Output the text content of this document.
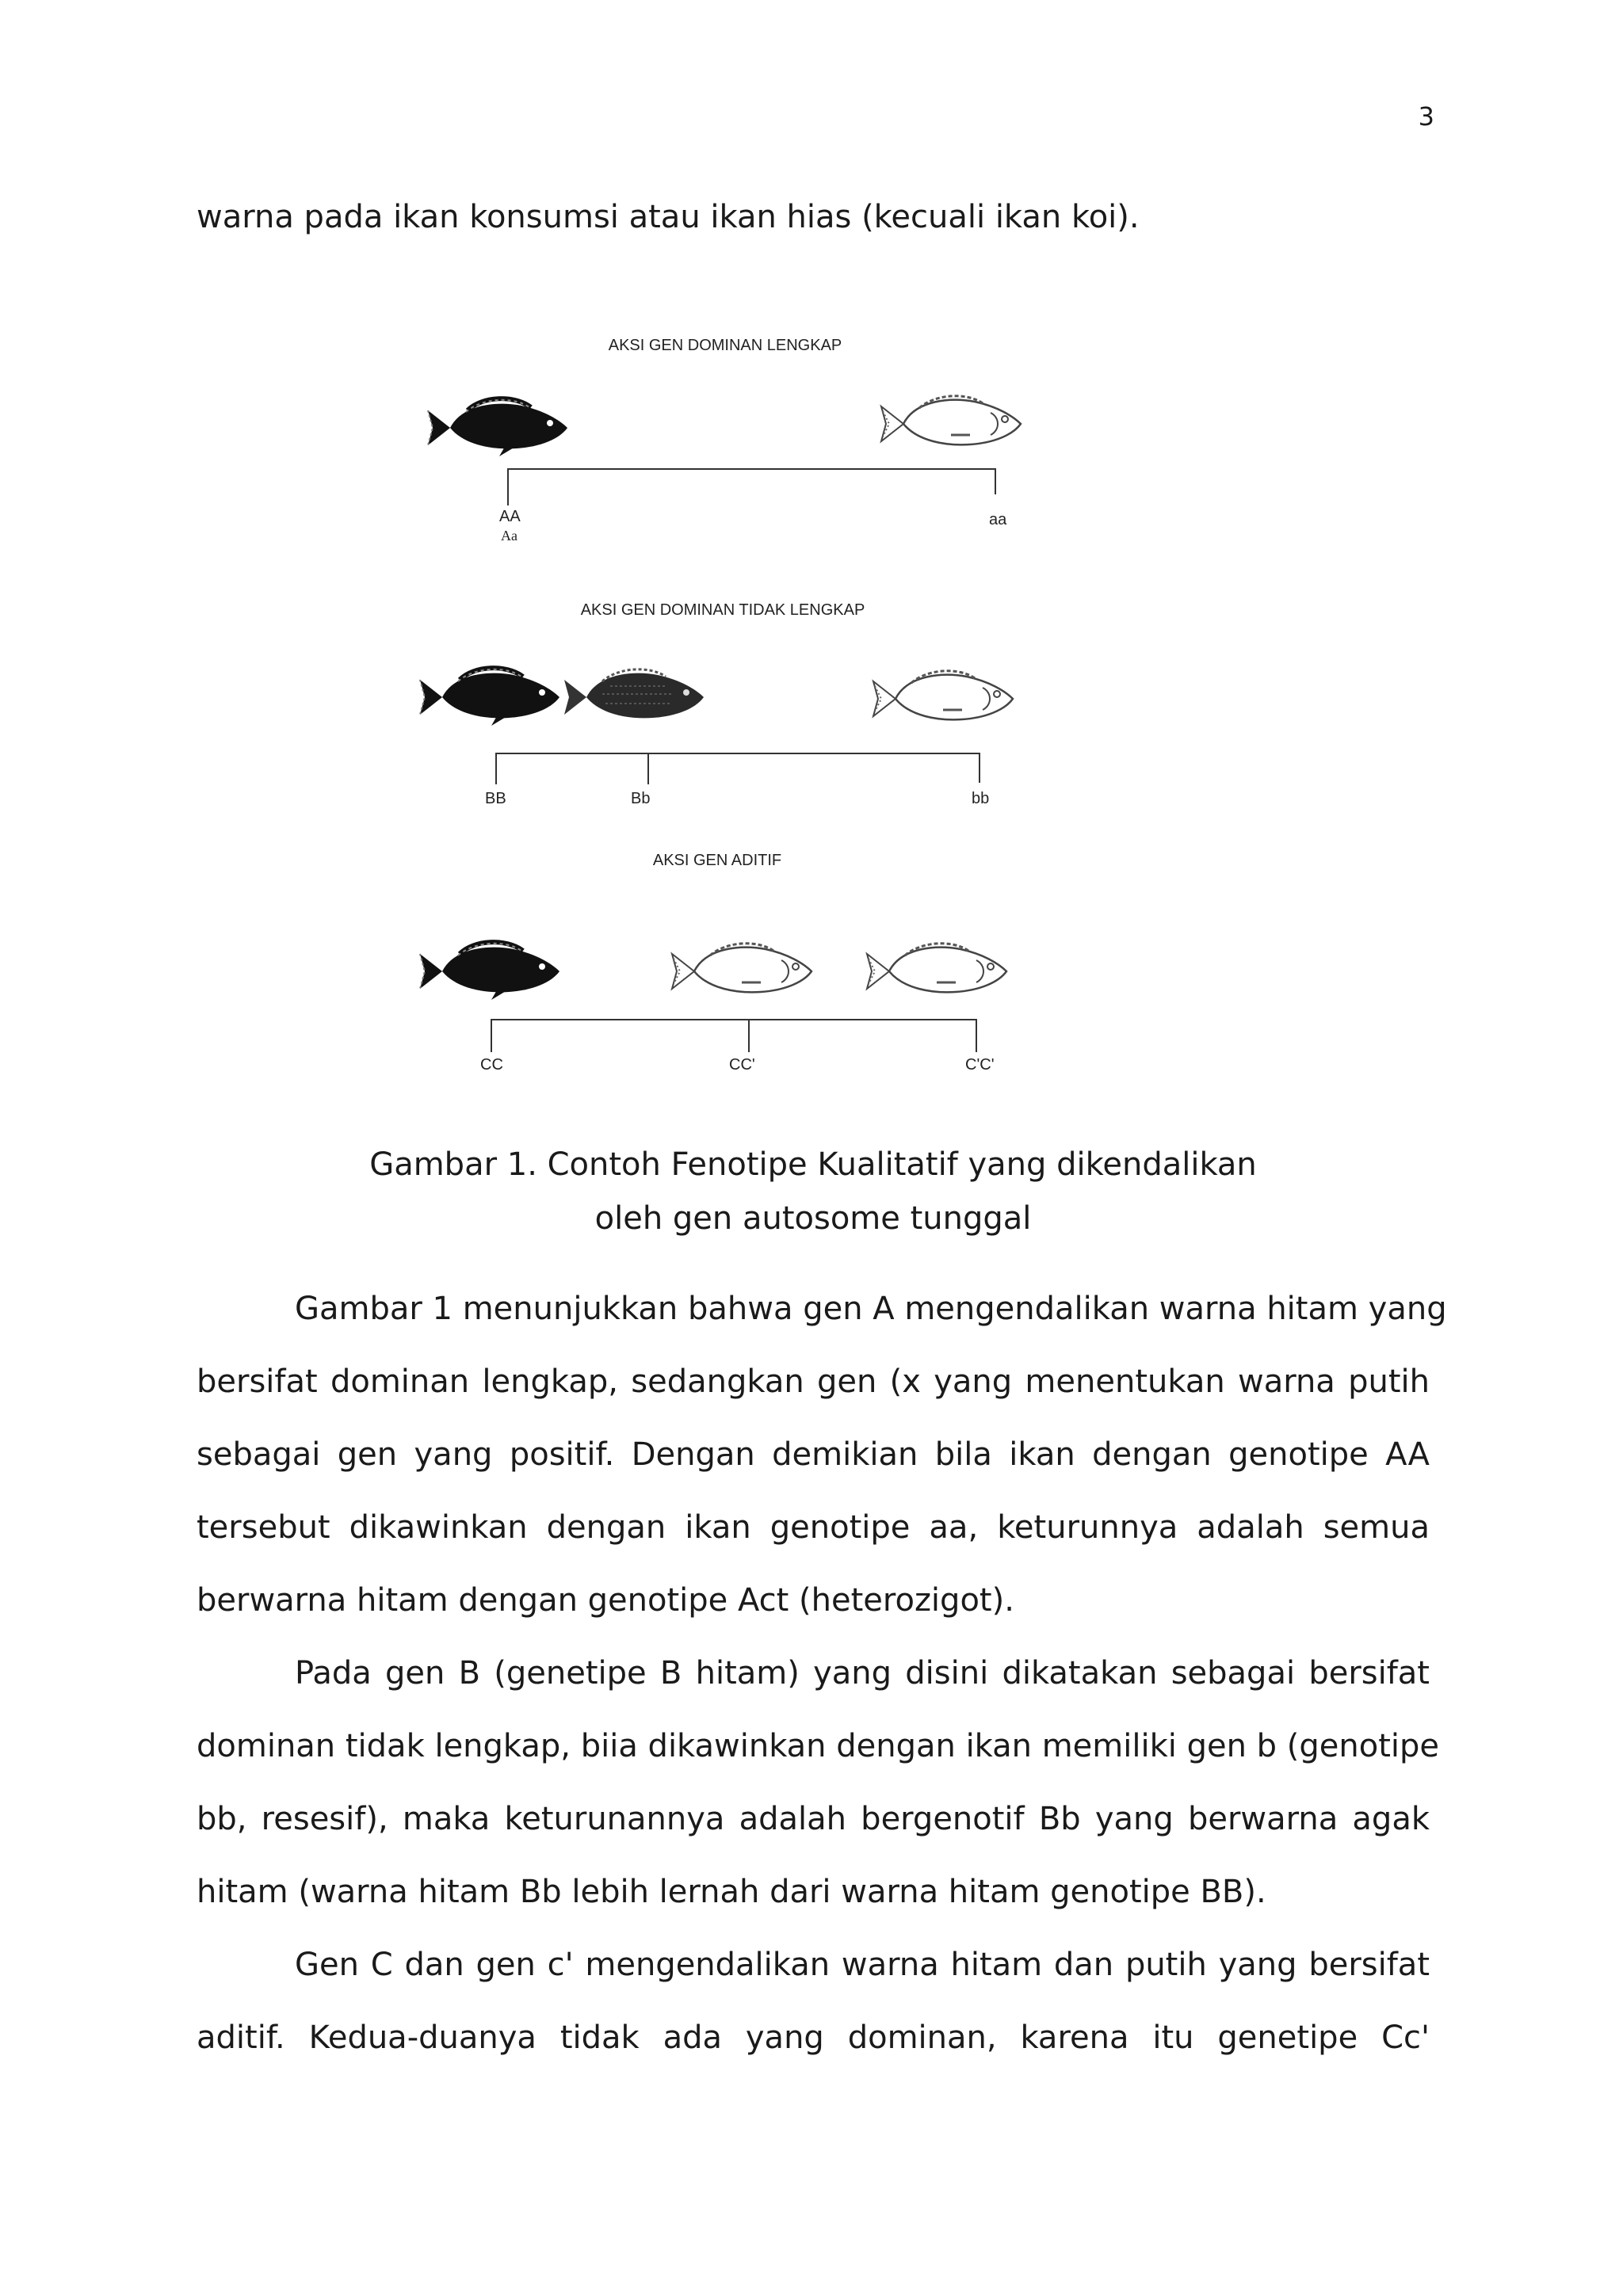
3
warna pada ikan konsumsi atau ikan hias (kecuali ikan koi).
AKSI GEN DOMINAN LENGKAP
AA
Aa
aa
AKSI GEN DOMINAN TIDAK LENGKAP
BB	Bb	bb
AKSI GEN ADITIF
CC	CC'	C'C'
Gambar 1. Contoh Fenotipe Kualitatif yang dikendalikan
oleh gen autosome tunggal
Gambar 1 menunjukkan bahwa gen A mengendalikan warna hitam yang
bersifat dominan lengkap, sedangkan gen (x yang menentukan warna putih
sebagai gen yang positif. Dengan demikian bila ikan dengan genotipe AA
tersebut dikawinkan dengan ikan genotipe aa, keturunnya adalah semua
berwarna hitam dengan genotipe Act (heterozigot).
Pada gen B (genetipe B hitam) yang disini dikatakan sebagai bersifat
dominan tidak lengkap, biia dikawinkan dengan ikan memiliki gen b (genotipe
bb, resesif), maka keturunannya adalah bergenotif Bb yang berwarna agak
hitam (warna hitam Bb lebih lernah dari warna hitam genotipe BB).
Gen C dan gen c' mengendalikan warna hitam dan putih yang bersifat
aditif. Kedua-duanya tidak ada yang dominan, karena itu genetipe Cc'
